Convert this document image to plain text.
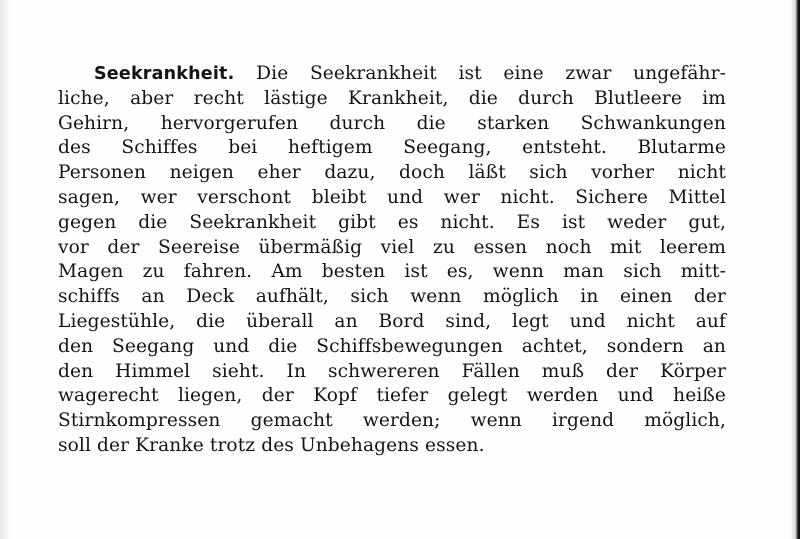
Seekrankheit. Die Seekrankheit ist eine zwar ungefähr-
liche, aber recht lästige Krankheit, die durch Blutleere im
Gehirn, hervorgerufen durch die starken Schwankungen
des Schiffes bei heftigem Seegang, entsteht. Blutarme
Personen neigen eher dazu, doch läßt sich vorher nicht
sagen, wer verschont bleibt und wer nicht. Sichere Mittel
gegen die Seekrankheit gibt es nicht. Es ist weder gut,
vor der Seereise übermäßig viel zu essen noch mit leerem
Magen zu fahren. Am besten ist es, wenn man sich mitt-
schiffs an Deck aufhält, sich wenn möglich in einen der
Liegestühle, die überall an Bord sind, legt und nicht auf
den Seegang und die Schiffsbewegungen achtet, sondern an
den Himmel sieht. In schwereren Fällen muß der Körper
wagerecht liegen, der Kopf tiefer gelegt werden und heiße
Stirnkompressen gemacht werden; wenn irgend möglich,
soll der Kranke trotz des Unbehagens essen.
